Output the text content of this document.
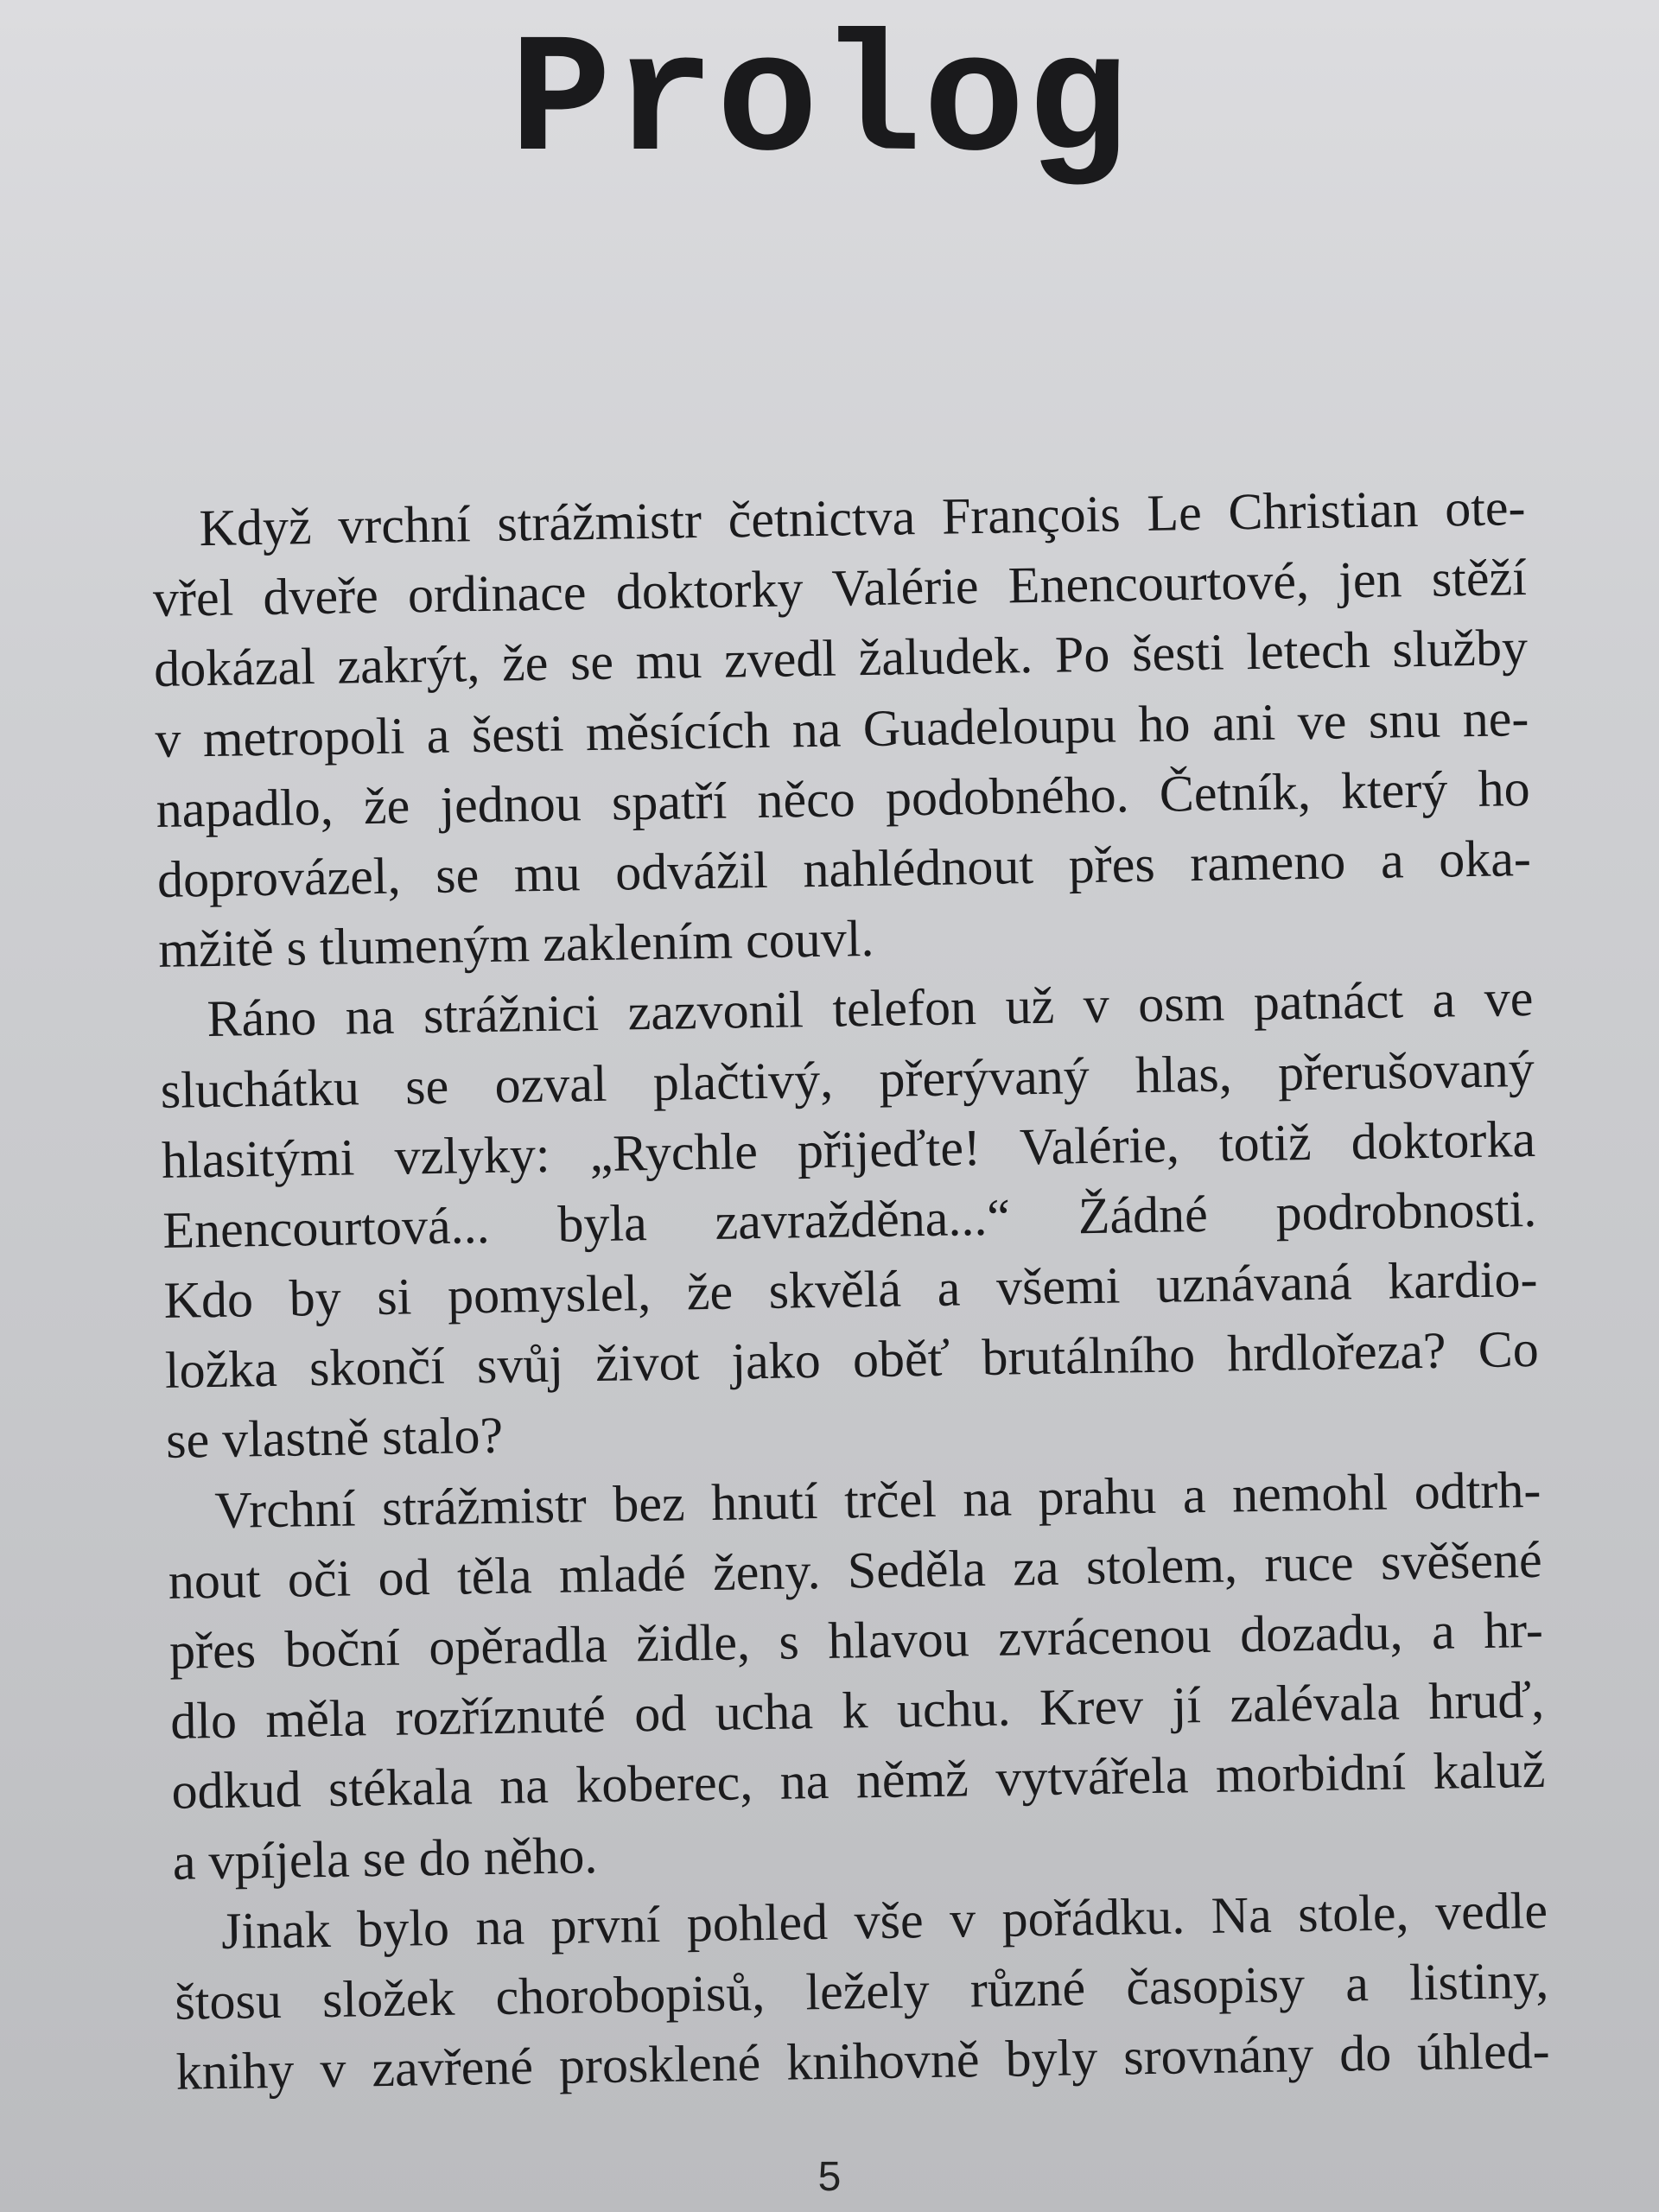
Prolog
Když vrchní strážmistr četnictva François Le Christian ote-
vřel dveře ordinace doktorky Valérie Enencourtové, jen stěží
dokázal zakrýt, že se mu zvedl žaludek. Po šesti letech služby
v metropoli a šesti měsících na Guadeloupu ho ani ve snu ne-
napadlo, že jednou spatří něco podobného. Četník, který ho
doprovázel, se mu odvážil nahlédnout přes rameno a oka-
mžitě s tlumeným zaklením couvl.
Ráno na strážnici zazvonil telefon už v osm patnáct a ve
sluchátku se ozval plačtivý, přerývaný hlas, přerušovaný
hlasitými vzlyky: „Rychle přijeďte! Valérie, totiž doktorka
Enencourtová... byla zavražděna...“ Žádné podrobnosti.
Kdo by si pomyslel, že skvělá a všemi uznávaná kardio-
ložka skončí svůj život jako oběť brutálního hrdlořeza? Co
se vlastně stalo?
Vrchní strážmistr bez hnutí trčel na prahu a nemohl odtrh-
nout oči od těla mladé ženy. Seděla za stolem, ruce svěšené
přes boční opěradla židle, s hlavou zvrácenou dozadu, a hr-
dlo měla rozříznuté od ucha k uchu. Krev jí zalévala hruď,
odkud stékala na koberec, na němž vytvářela morbidní kaluž
a vpíjela se do něho.
Jinak bylo na první pohled vše v pořádku. Na stole, vedle
štosu složek chorobopisů, ležely různé časopisy a listiny,
knihy v zavřené prosklené knihovně byly srovnány do úhled-
5
